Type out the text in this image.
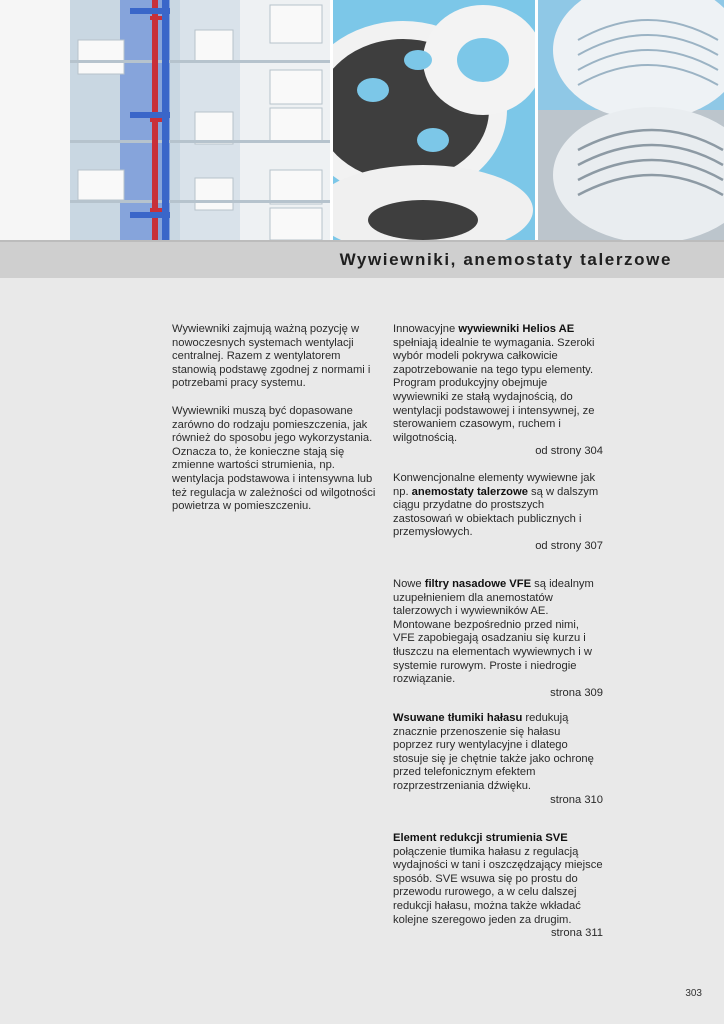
Wywiewniki, anemostaty talerzowe

Wywiewniki zajmują ważną pozycję w nowoczesnych systemach wentylacji centralnej. Razem z wentylatorem stanowią podstawę zgodnej z normami i potrzebami pracy systemu.

Wywiewniki muszą być dopasowane zarówno do rodzaju pomieszczenia, jak również do sposobu jego wykorzystania. Oznacza to, że konieczne stają się zmienne wartości strumienia, np. wentylacja podstawowa i intensywna lub też regulacja w zależności od wilgotności powietrza w pomieszczeniu.

Innowacyjne wywiewniki Helios AE spełniają idealnie te wymagania. Szeroki wybór modeli pokrywa całkowicie zapotrzebowanie na tego typu elementy. Program produkcyjny obejmuje wywiewniki ze stałą wydajnością, do wentylacji podstawowej i intensywnej, ze sterowaniem czasowym, ruchem i wilgotnością.

od strony 304

Konwencjonalne elementy wywiewne jak np. anemostaty talerzowe są w dalszym ciągu przydatne do prostszych zastosowań w obiektach publicznych i przemysłowych.

od strony 307

Nowe filtry nasadowe VFE są idealnym uzupełnieniem dla anemostatów talerzowych i wywiewników AE. Montowane bezpośrednio przed nimi, VFE zapobiegają osadzaniu się kurzu i tłuszczu na elementach wywiewnych i w systemie rurowym. Proste i niedrogie rozwiązanie.

strona 309

Wsuwane tłumiki hałasu redukują znacznie przenoszenie się hałasu poprzez rury wentylacyjne i dlatego stosuje się je chętnie także jako ochronę przed telefonicznym efektem rozprzestrzeniania dźwięku.

strona 310

Element redukcji strumienia SVE

połączenie tłumika hałasu z regulacją wydajności w tani i oszczędzający miejsce sposób. SVE wsuwa się po prostu do przewodu rurowego, a w celu dalszej redukcji hałasu, można także wkładać kolejne szeregowo jeden za drugim.

strona 311

303
